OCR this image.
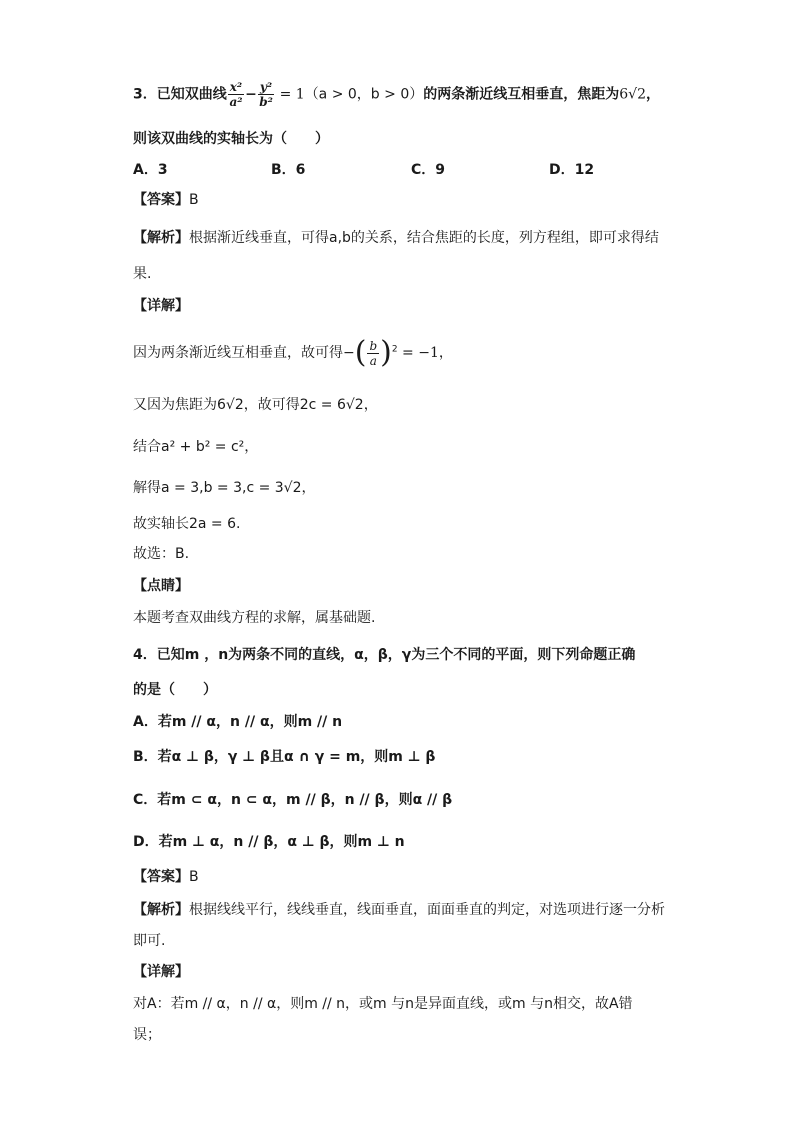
3．已知双曲线 $\frac{\text{x²}}{\text{a²}} - \frac{\text{y²}}{\text{b²}} = 1(a > 0$，b > 0）的两条渐近线互相垂直，焦距为6√2，
则该双曲线的实轴长为（　　）
A．3	B．6	C．9	D．12
【答案】B
【解析】根据渐近线垂直，可得a,b的关系，结合焦距的长度，列方程组，即可求得结
果.
【详解】
因为两条渐近线互相垂直，故可得−( $\frac{b}{a} )^2 = -1$，
又因为焦距为6√2，故可得2c = 6√2，
结合a² + b² = c²，
解得a = 3,b = 3,c = 3√2，
故实轴长2a = 6.
故选：B.
【点睛】
本题考查双曲线方程的求解，属基础题.
4．已知m ，n为两条不同的直线，α，β，γ为三个不同的平面，则下列命题正确
的是（　　）
A．若m // α，n // α，则m // n
B．若α ⊥ β，γ ⊥ β且α ∩ γ = m，则m ⊥ β
C．若m ⊂ α，n ⊂ α，m // β，n // β，则α // β
D．若m ⊥ α，n // β，α ⊥ β，则m ⊥ n
【答案】B
【解析】根据线线平行，线线垂直，线面垂直，面面垂直的判定，对选项进行逐一分析
即可.
【详解】
对A：若m // α，n // α，则m // n，或m 与n是异面直线，或m 与n相交，故A错
误；
